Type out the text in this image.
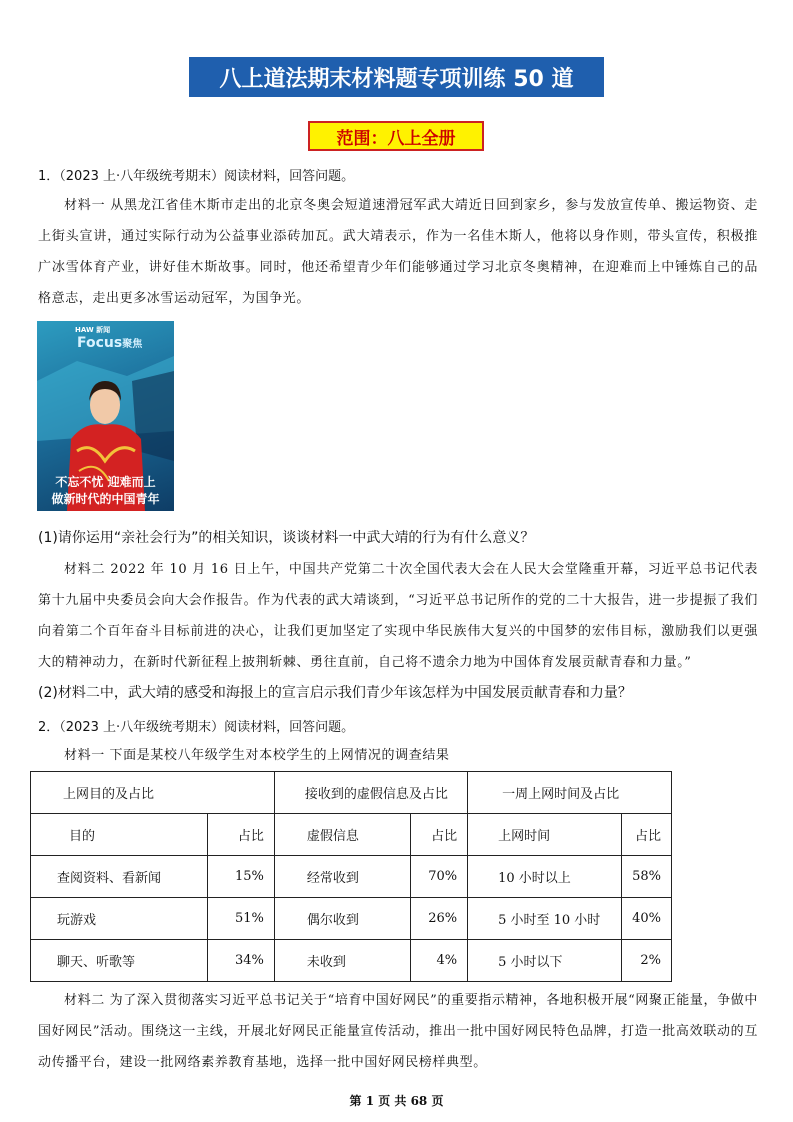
八上道法期末材料题专项训练 50 道
范围：八上全册
1．（2023 上·八年级统考期末）阅读材料，回答问题。
材料一 从黑龙江省佳木斯市走出的北京冬奥会短道速滑冠军武大靖近日回到家乡，参与发放宣传单、搬运物资、走上街头宣讲，通过实际行动为公益事业添砖加瓦。武大靖表示，作为一名佳木斯人，他将以身作则，带头宣传，积极推广冰雪体育产业，讲好佳木斯故事。同时，他还希望青少年们能够通过学习北京冬奥精神，在迎难而上中锤炼自己的品格意志，走出更多冰雪运动冠军，为国争光。
HAW 新闻
Focus聚焦
不忘不忧 迎难而上
做新时代的中国青年
(1)请你运用“亲社会行为”的相关知识，谈谈材料一中武大靖的行为有什么意义？
材料二 2022 年 10 月 16 日上午，中国共产党第二十次全国代表大会在人民大会堂隆重开幕，习近平总书记代表第十九届中央委员会向大会作报告。作为代表的武大靖谈到，“习近平总书记所作的党的二十大报告，进一步提振了我们向着第二个百年奋斗目标前进的决心，让我们更加坚定了实现中华民族伟大复兴的中国梦的宏伟目标，激励我们以更强大的精神动力，在新时代新征程上披荆斩棘、勇往直前，自己将不遗余力地为中国体育发展贡献青春和力量。”
(2)材料二中，武大靖的感受和海报上的宣言启示我们青少年该怎样为中国发展贡献青春和力量？
2．（2023 上·八年级统考期末）阅读材料，回答问题。
材料一 下面是某校八年级学生对本校学生的上网情况的调查结果
上网目的及占比		接收到的虚假信息及占比		一周上网时间及占比	
目的	占比	虚假信息	占比	上网时间	占比
查阅资料、看新闻	15%	经常收到	70%	10 小时以上	58%
玩游戏	51%	偶尔收到	26%	5 小时至 10 小时	40%
聊天、听歌等	34%	未收到	4%	5 小时以下	2%
材料二 为了深入贯彻落实习近平总书记关于“培育中国好网民”的重要指示精神，各地积极开展“网聚正能量，争做中国好网民”活动。围绕这一主线，开展北好网民正能量宣传活动，推出一批中国好网民特色品牌，打造一批高效联动的互动传播平台，建设一批网络素养教育基地，选择一批中国好网民榜样典型。
第 1 页 共 68 页
